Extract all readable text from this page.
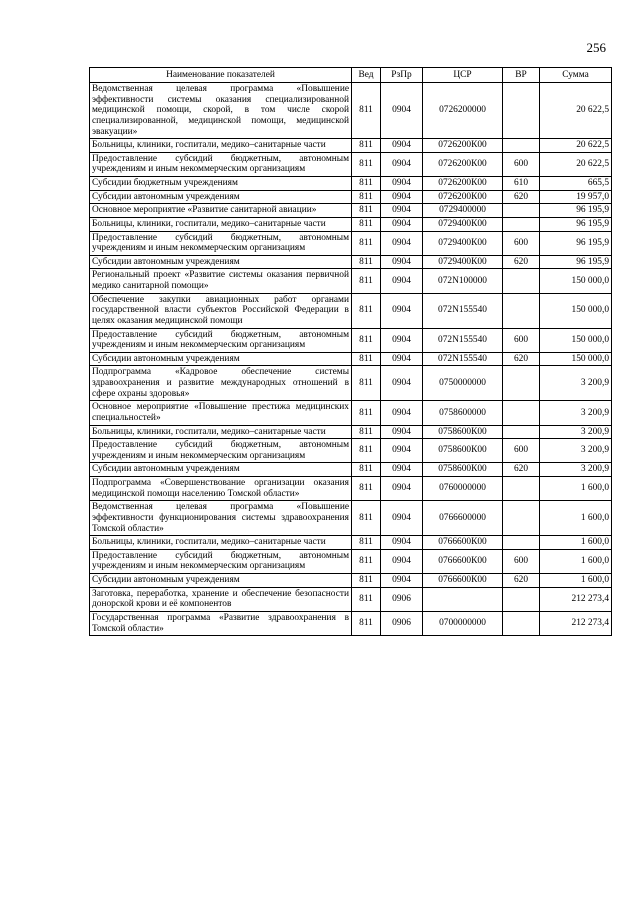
256
Наименование показателей	Вед	РзПр	ЦСР	ВР	Сумма
Ведомственная целевая программа «Повышение эффективности системы оказания специализированной медицинской помощи, скорой, в том числе скорой специализированной, медицинской помощи, медицинской эвакуации»	811	0904	0726200000		20 622,5
Больницы, клиники, госпитали, медико–санитарные части	811	0904	0726200К00		20 622,5
Предоставление субсидий бюджетным, автономным учреждениям и иным некоммерческим организациям	811	0904	0726200К00	600	20 622,5
Субсидии бюджетным учреждениям	811	0904	0726200К00	610	665,5
Субсидии автономным учреждениям	811	0904	0726200К00	620	19 957,0
Основное мероприятие «Развитие санитарной авиации»	811	0904	0729400000		96 195,9
Больницы, клиники, госпитали, медико–санитарные части	811	0904	0729400К00		96 195,9
Предоставление субсидий бюджетным, автономным учреждениям и иным некоммерческим организациям	811	0904	0729400К00	600	96 195,9
Субсидии автономным учреждениям	811	0904	0729400К00	620	96 195,9
Региональный проект «Развитие системы оказания первичной медико санитарной помощи»	811	0904	072N100000		150 000,0
Обеспечение закупки авиационных работ органами государственной власти субъектов Российской Федерации в целях оказания медицинской помощи	811	0904	072N155540		150 000,0
Предоставление субсидий бюджетным, автономным учреждениям и иным некоммерческим организациям	811	0904	072N155540	600	150 000,0
Субсидии автономным учреждениям	811	0904	072N155540	620	150 000,0
Подпрограмма «Кадровое обеспечение системы здравоохранения и развитие международных отношений в сфере охраны здоровья»	811	0904	0750000000		3 200,9
Основное мероприятие «Повышение престижа медицинских специальностей»	811	0904	0758600000		3 200,9
Больницы, клиники, госпитали, медико–санитарные части	811	0904	0758600К00		3 200,9
Предоставление субсидий бюджетным, автономным учреждениям и иным некоммерческим организациям	811	0904	0758600К00	600	3 200,9
Субсидии автономным учреждениям	811	0904	0758600К00	620	3 200,9
Подпрограмма «Совершенствование организации оказания медицинской помощи населению Томской области»	811	0904	0760000000		1 600,0
Ведомственная целевая программа «Повышение эффективности функционирования системы здравоохранения Томской области»	811	0904	0766600000		1 600,0
Больницы, клиники, госпитали, медико–санитарные части	811	0904	0766600К00		1 600,0
Предоставление субсидий бюджетным, автономным учреждениям и иным некоммерческим организациям	811	0904	0766600К00	600	1 600,0
Субсидии автономным учреждениям	811	0904	0766600К00	620	1 600,0
Заготовка, переработка, хранение и обеспечение безопасности донорской крови и её компонентов	811	0906			212 273,4
Государственная программа «Развитие здравоохранения в Томской области»	811	0906	0700000000		212 273,4
